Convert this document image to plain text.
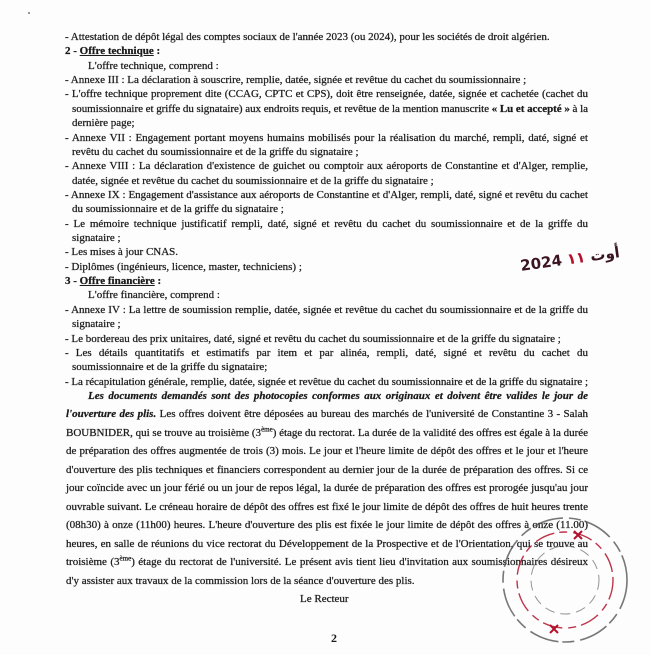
- Attestation de dépôt légal des comptes sociaux de l'année 2023 (ou 2024), pour les sociétés de droit algérien.
2 - Offre technique :
L'offre technique, comprend :
- Annexe III : La déclaration à souscrire, remplie, datée, signée et revêtue du cachet du soumissionnaire ;
- L'offre technique proprement dite (CCAG, CPTC et CPS), doit être renseignée, datée, signée et cachetée (cachet du
soumissionnaire et griffe du signataire) aux endroits requis, et revêtue de la mention manuscrite « Lu et accepté » à la
dernière page;
- Annexe VII : Engagement portant moyens humains mobilisés pour la réalisation du marché, rempli, daté, signé et
revêtu du cachet du soumissionnaire et de la griffe du signataire ;
- Annexe VIII : La déclaration d'existence de guichet ou comptoir aux aéroports de Constantine et d'Alger, remplie,
datée, signée et revêtue du cachet du soumissionnaire et de la griffe du signataire ;
- Annexe IX : Engagement d'assistance aux aéroports de Constantine et d'Alger, rempli, daté, signé et revêtu du cachet
du soumissionnaire et de la griffe du signataire ;
- Le mémoire technique justificatif rempli, daté, signé et revêtu du cachet du soumissionnaire et de la griffe du
signataire ;
- Les mises à jour CNAS.
- Diplômes (ingénieurs, licence, master, techniciens) ;
3 - Offre financière :
L'offre financière, comprend :
- Annexe IV : La lettre de soumission remplie, datée, signée et revêtue du cachet du soumissionnaire et de la griffe du
signataire ;
- Le bordereau des prix unitaires, daté, signé et revêtu du cachet du soumissionnaire et de la griffe du signataire ;
- Les détails quantitatifs et estimatifs par item et par alinéa, rempli, daté, signé et revêtu du cachet du
soumissionnaire et de la griffe du signataire;
- La récapitulation générale, remplie, datée, signée et revêtue du cachet du soumissionnaire et de la griffe du signataire ;
Les documents demandés sont des photocopies conformes aux originaux et doivent être valides le jour de
l'ouverture des plis. Les offres doivent être déposées au bureau des marchés de l'université de Constantine 3 - Salah
BOUBNIDER, qui se trouve au troisième (3ème) étage du rectorat. La durée de la validité des offres est égale à la durée
de préparation des offres augmentée de trois (3) mois. Le jour et l'heure limite de dépôt des offres et le jour et l'heure
d'ouverture des plis techniques et financiers correspondent au dernier jour de la durée de préparation des offres. Si ce
jour coïncide avec un jour férié ou un jour de repos légal, la durée de préparation des offres est prorogée jusqu'au jour
ouvrable suivant. Le créneau horaire de dépôt des offres est fixé le jour limite de dépôt des offres de huit heures trente
(08h30) à onze (11h00) heures. L'heure d'ouverture des plis est fixée le jour limite de dépôt des offres à onze (11.00)
heures, en salle de réunions du vice rectorat du Développement de la Prospective et de l'Orientation, qui se trouve au
troisième (3ème) étage du rectorat de l'université. Le présent avis tient lieu d'invitation aux soumissionnaires désireux
d'y assister aux travaux de la commission lors de la séance d'ouverture des plis.
Le Recteur
2
2024 أوت ١١
